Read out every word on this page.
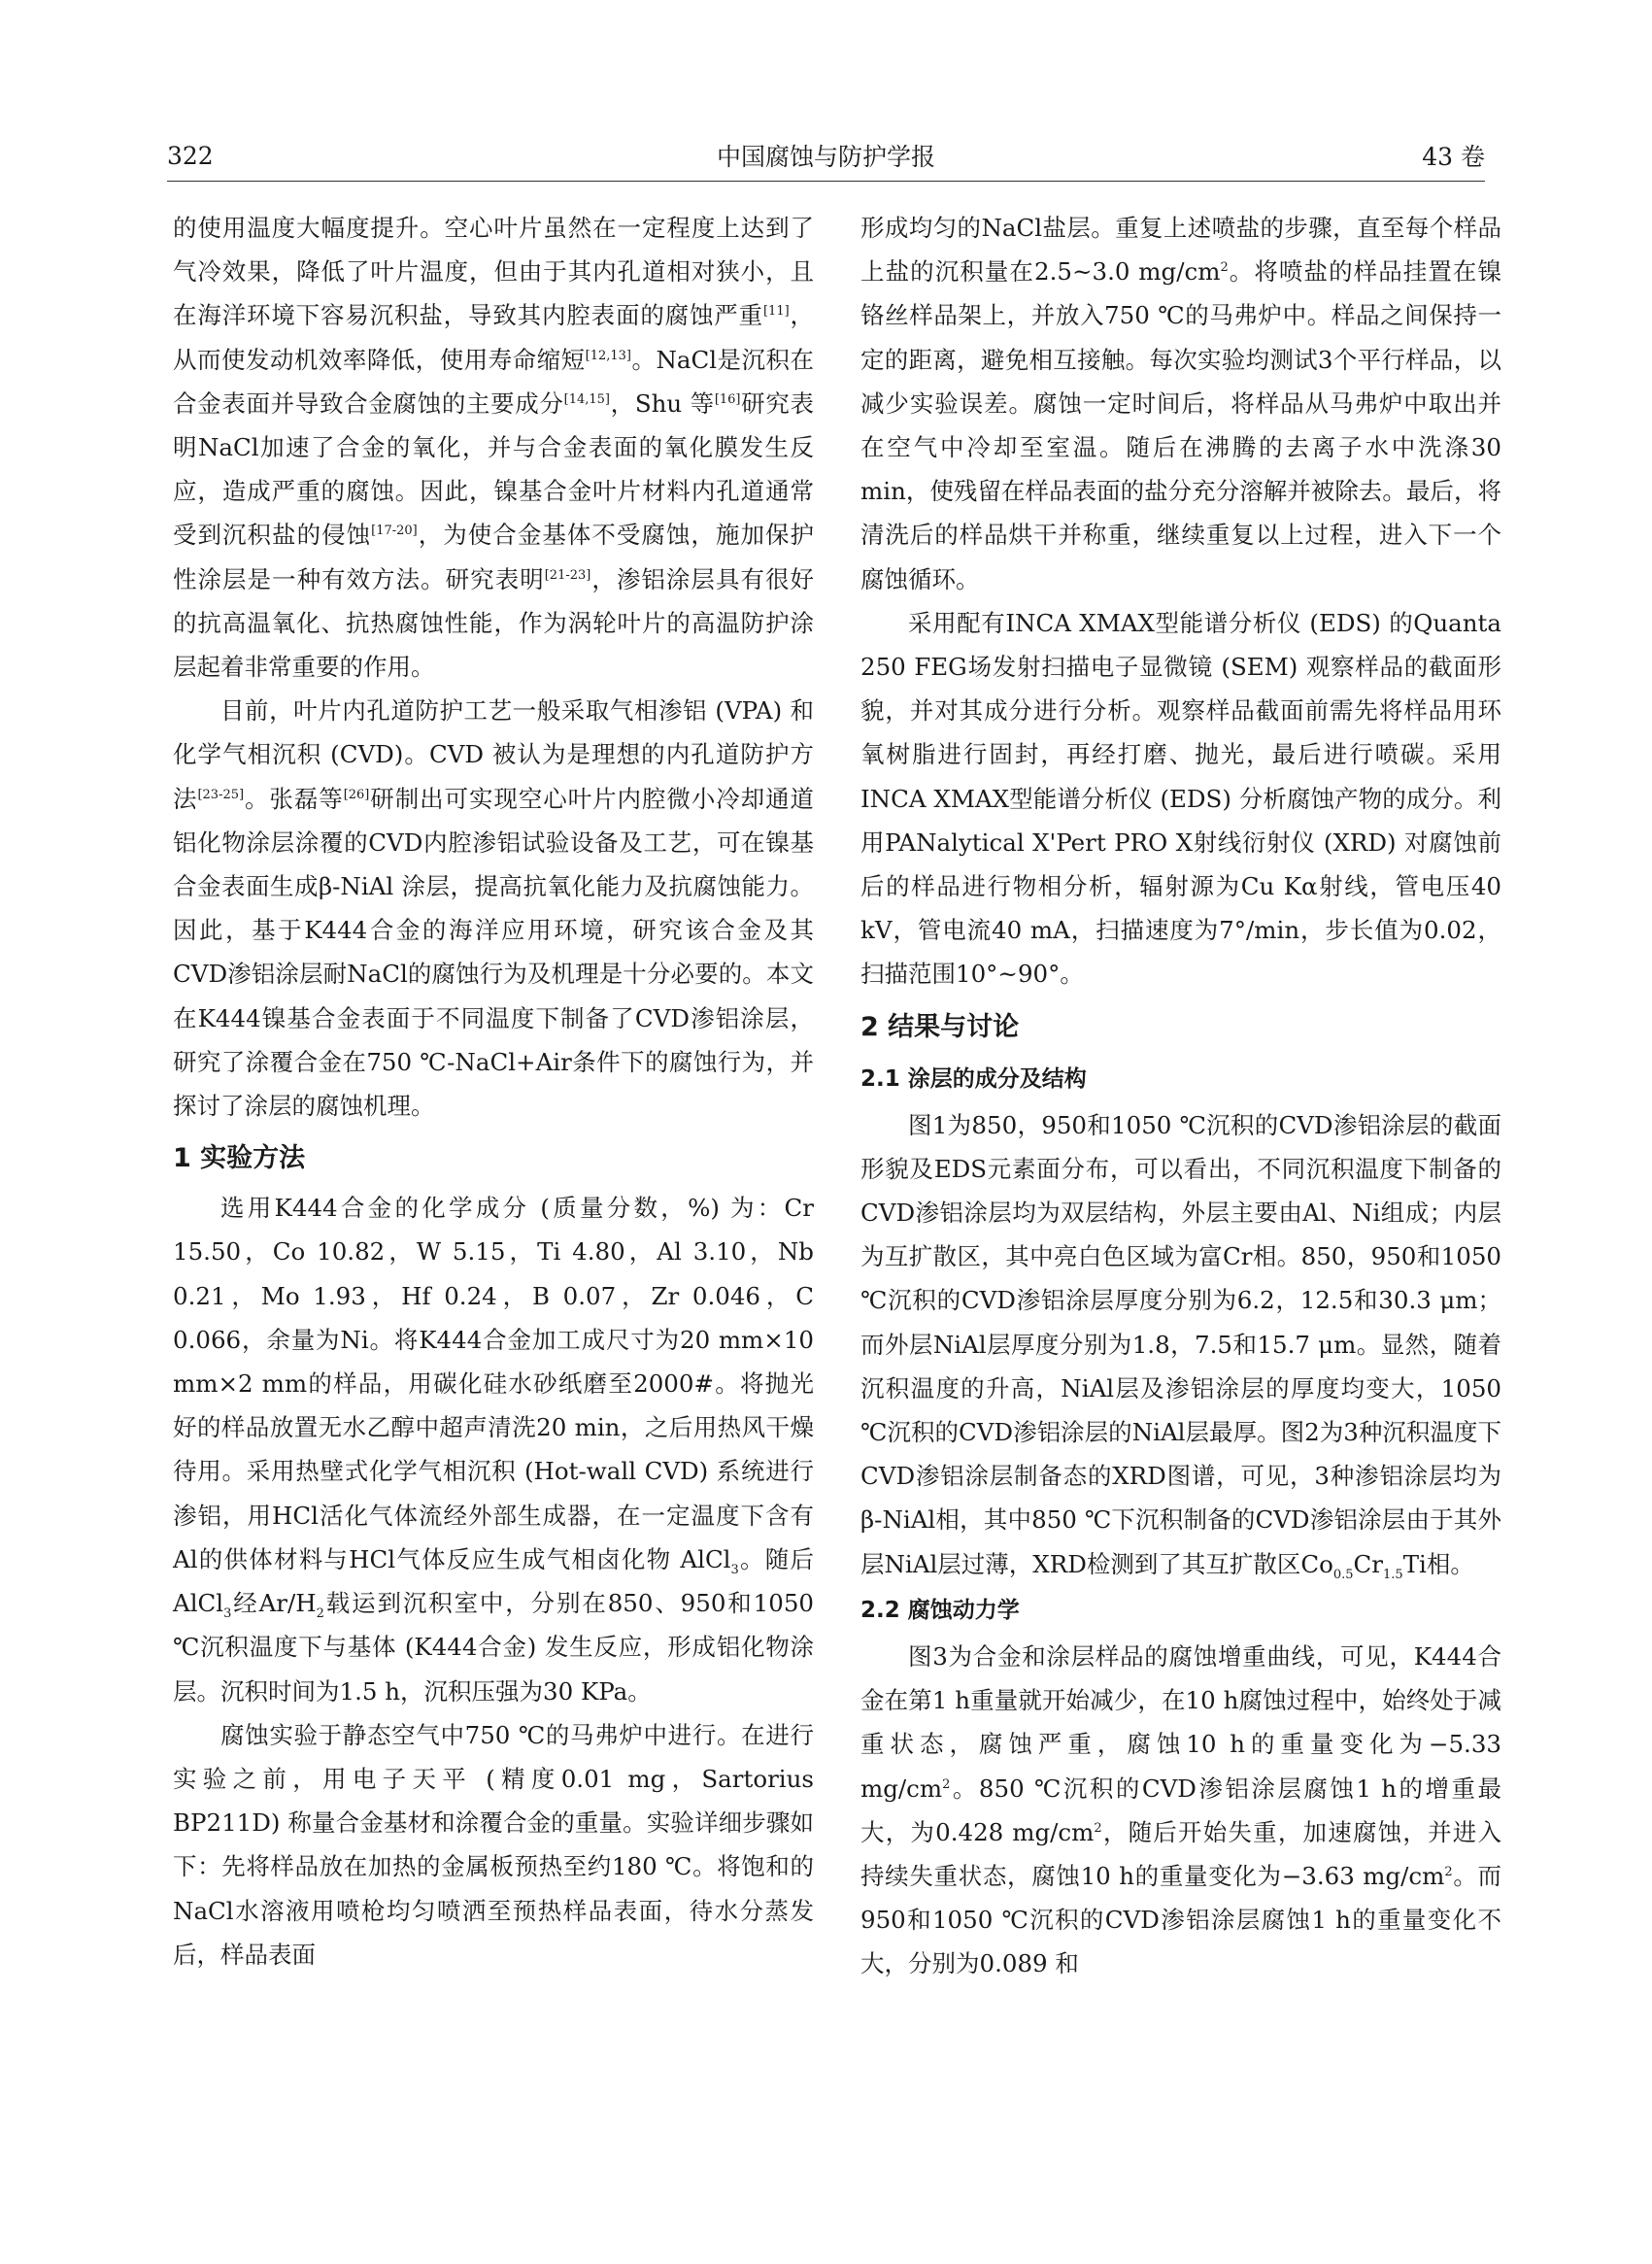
322	中国腐蚀与防护学报	43 卷

的使用温度大幅度提升。空心叶片虽然在一定程度上达到了气冷效果，降低了叶片温度，但由于其内孔道相对狭小，且在海洋环境下容易沉积盐，导致其内腔表面的腐蚀严重[11]，从而使发动机效率降低，使用寿命缩短[12,13]。NaCl是沉积在合金表面并导致合金腐蚀的主要成分[14,15]，Shu 等[16]研究表明NaCl加速了合金的氧化，并与合金表面的氧化膜发生反应，造成严重的腐蚀。因此，镍基合金叶片材料内孔道通常受到沉积盐的侵蚀[17-20]，为使合金基体不受腐蚀，施加保护性涂层是一种有效方法。研究表明[21-23]，渗铝涂层具有很好的抗高温氧化、抗热腐蚀性能，作为涡轮叶片的高温防护涂层起着非常重要的作用。

目前，叶片内孔道防护工艺一般采取气相渗铝 (VPA) 和化学气相沉积 (CVD)。CVD 被认为是理想的内孔道防护方法[23-25]。张磊等[26]研制出可实现空心叶片内腔微小冷却通道铝化物涂层涂覆的CVD内腔渗铝试验设备及工艺，可在镍基合金表面生成β-NiAl 涂层，提高抗氧化能力及抗腐蚀能力。因此，基于K444合金的海洋应用环境，研究该合金及其CVD渗铝涂层耐NaCl的腐蚀行为及机理是十分必要的。本文在K444镍基合金表面于不同温度下制备了CVD渗铝涂层，研究了涂覆合金在750 ℃-NaCl+Air条件下的腐蚀行为，并探讨了涂层的腐蚀机理。

1 实验方法

选用K444合金的化学成分 (质量分数，%) 为：Cr 15.50，Co 10.82，W 5.15，Ti 4.80，Al 3.10，Nb 0.21，Mo 1.93，Hf 0.24，B 0.07，Zr 0.046，C 0.066，余量为Ni。将K444合金加工成尺寸为20 mm×10 mm×2 mm的样品，用碳化硅水砂纸磨至2000#。将抛光好的样品放置无水乙醇中超声清洗20 min，之后用热风干燥待用。采用热壁式化学气相沉积 (Hot-wall CVD) 系统进行渗铝，用HCl活化气体流经外部生成器，在一定温度下含有Al的供体材料与HCl气体反应生成气相卤化物 AlCl$_3$。随后 AlCl$_3$经$Ar/H_2$载运到沉积室中，分别在850、950和1050 ℃沉积温度下与基体 (K444合金) 发生反应，形成铝化物涂层。沉积时间为1.5 h，沉积压强为30 KPa。

腐蚀实验于静态空气中750 ℃的马弗炉中进行。在进行实验之前，用电子天平 (精度0.01 mg，Sartorius BP211D) 称量合金基材和涂覆合金的重量。实验详细步骤如下：先将样品放在加热的金属板预热至约180 ℃。将饱和的NaCl水溶液用喷枪均匀喷洒至预热样品表面，待水分蒸发后，样品表面

形成均匀的NaCl盐层。重复上述喷盐的步骤，直至每个样品上盐的沉积量在2.5~3.0 $mg/cm^2$。将喷盐的样品挂置在镍铬丝样品架上，并放入750 ℃的马弗炉中。样品之间保持一定的距离，避免相互接触。每次实验均测试3个平行样品，以减少实验误差。腐蚀一定时间后，将样品从马弗炉中取出并在空气中冷却至室温。随后在沸腾的去离子水中洗涤30 min，使残留在样品表面的盐分充分溶解并被除去。最后，将清洗后的样品烘干并称重，继续重复以上过程，进入下一个腐蚀循环。

采用配有INCA XMAX型能谱分析仪 (EDS) 的Quanta 250 FEG场发射扫描电子显微镜 (SEM) 观察样品的截面形貌，并对其成分进行分析。观察样品截面前需先将样品用环氧树脂进行固封，再经打磨、抛光，最后进行喷碳。采用INCA XMAX型能谱分析仪 (EDS) 分析腐蚀产物的成分。利用PANalytical X'Pert PRO X射线衍射仪 (XRD) 对腐蚀前后的样品进行物相分析，辐射源为Cu Kα射线，管电压40 kV，管电流40 mA，扫描速度为7°/min，步长值为0.02，扫描范围10°~90°。

2 结果与讨论
2.1 涂层的成分及结构

图1为850，950和1050 ℃沉积的CVD渗铝涂层的截面形貌及EDS元素面分布，可以看出，不同沉积温度下制备的CVD渗铝涂层均为双层结构，外层主要由Al、Ni组成；内层为互扩散区，其中亮白色区域为富Cr相。850，950和1050 ℃沉积的CVD渗铝涂层厚度分别为6.2，12.5和30.3 μm；而外层NiAl层厚度分别为1.8，7.5和15.7 μm。显然，随着沉积温度的升高，NiAl层及渗铝涂层的厚度均变大，1050 ℃沉积的CVD渗铝涂层的NiAl层最厚。图2为3种沉积温度下CVD渗铝涂层制备态的XRD图谱，可见，3种渗铝涂层均为β-NiAl相，其中850 ℃下沉积制备的CVD渗铝涂层由于其外层NiAl层过薄，XRD检测到了其互扩散区$Co_{0.5}Cr_{1.5}Ti$相。

2.2 腐蚀动力学

图3为合金和涂层样品的腐蚀增重曲线，可见，K444合金在第1 h重量就开始减少，在10 h腐蚀过程中，始终处于减重状态，腐蚀严重，腐蚀10 h的重量变化为−5.33 $mg/cm^2$。850 ℃沉积的CVD渗铝涂层腐蚀1 h的增重最大，为0.428 $mg/cm^2$，随后开始失重，加速腐蚀，并进入持续失重状态，腐蚀10 h的重量变化为−3.63 $mg/cm^2$。而950和1050 ℃沉积的CVD渗铝涂层腐蚀1 h的重量变化不大，分别为0.089 和
